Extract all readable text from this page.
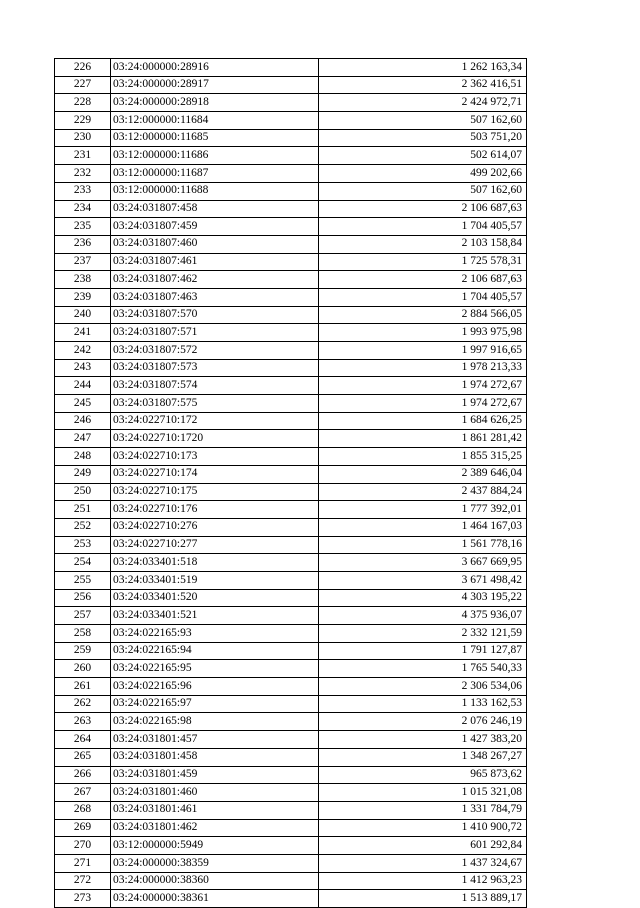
226	03:24:000000:28916	1 262 163,34
227	03:24:000000:28917	2 362 416,51
228	03:24:000000:28918	2 424 972,71
229	03:12:000000:11684	507 162,60
230	03:12:000000:11685	503 751,20
231	03:12:000000:11686	502 614,07
232	03:12:000000:11687	499 202,66
233	03:12:000000:11688	507 162,60
234	03:24:031807:458	2 106 687,63
235	03:24:031807:459	1 704 405,57
236	03:24:031807:460	2 103 158,84
237	03:24:031807:461	1 725 578,31
238	03:24:031807:462	2 106 687,63
239	03:24:031807:463	1 704 405,57
240	03:24:031807:570	2 884 566,05
241	03:24:031807:571	1 993 975,98
242	03:24:031807:572	1 997 916,65
243	03:24:031807:573	1 978 213,33
244	03:24:031807:574	1 974 272,67
245	03:24:031807:575	1 974 272,67
246	03:24:022710:172	1 684 626,25
247	03:24:022710:1720	1 861 281,42
248	03:24:022710:173	1 855 315,25
249	03:24:022710:174	2 389 646,04
250	03:24:022710:175	2 437 884,24
251	03:24:022710:176	1 777 392,01
252	03:24:022710:276	1 464 167,03
253	03:24:022710:277	1 561 778,16
254	03:24:033401:518	3 667 669,95
255	03:24:033401:519	3 671 498,42
256	03:24:033401:520	4 303 195,22
257	03:24:033401:521	4 375 936,07
258	03:24:022165:93	2 332 121,59
259	03:24:022165:94	1 791 127,87
260	03:24:022165:95	1 765 540,33
261	03:24:022165:96	2 306 534,06
262	03:24:022165:97	1 133 162,53
263	03:24:022165:98	2 076 246,19
264	03:24:031801:457	1 427 383,20
265	03:24:031801:458	1 348 267,27
266	03:24:031801:459	965 873,62
267	03:24:031801:460	1 015 321,08
268	03:24:031801:461	1 331 784,79
269	03:24:031801:462	1 410 900,72
270	03:12:000000:5949	601 292,84
271	03:24:000000:38359	1 437 324,67
272	03:24:000000:38360	1 412 963,23
273	03:24:000000:38361	1 513 889,17
